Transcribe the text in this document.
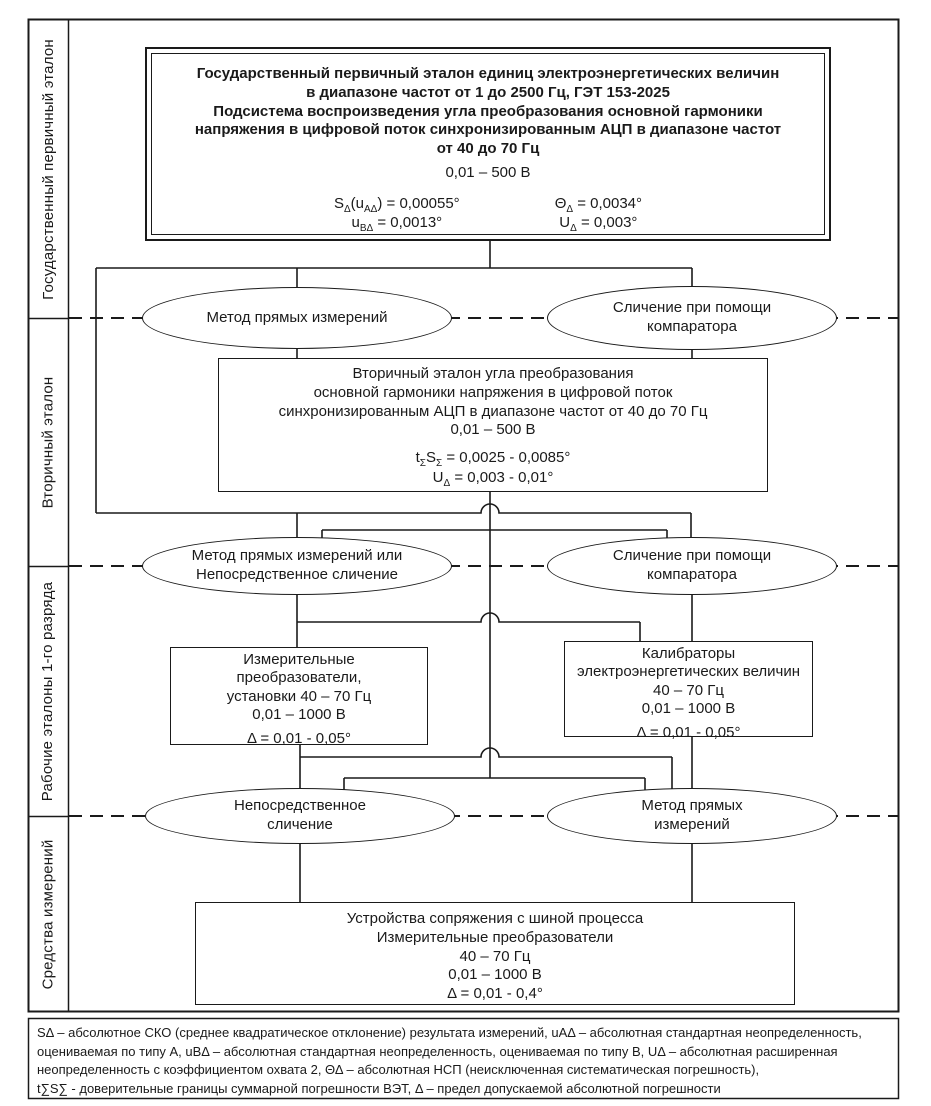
Государственный первичный эталон
Вторичный эталон
Рабочие эталоны 1-го разряда
Средства измерений
Государственный первичный эталон единиц электроэнергетических величин
в диапазоне частот от 1 до 2500 Гц, ГЭТ 153-2025
Подсистема воспроизведения угла преобразования основной гармоники
напряжения в цифровой поток синхронизированным АЦП в диапазоне частот
от 40 до 70 Гц
0,01 – 500 В
$S_\Delta(u_{А\Delta}) = 0,00055^\circ$
$u_{В\Delta} = 0,0013^\circ$
$\Theta_\Delta = 0,0034^\circ$
$U_\Delta = 0,003^\circ$
Метод прямых измерений
Сличение при помощи
компаратора
Вторичный эталон угла преобразования
основной гармоники напряжения в цифровой поток
синхронизированным АЦП в диапазоне частот от 40 до 70 Гц
0,01 – 500 В
$t_\Sigma S_\Sigma = 0,0025 - 0,0085^\circ$
$U_\Delta = 0,003 - 0,01^\circ$
Метод прямых измерений или
Непосредственное сличение
Сличение при помощи
компаратора
Измерительные
преобразователи,
установки 40 – 70 Гц
0,01 – 1000 В
Δ = 0,01 - 0,05°
Калибраторы
электроэнергетических величин
40 – 70 Гц
0,01 – 1000 В
Δ = 0,01 - 0,05°
Непосредственное
сличение
Метод прямых
измерений
Устройства сопряжения с шиной процесса
Измерительные преобразователи
40 – 70 Гц
0,01 – 1000 В
Δ = 0,01 - 0,4°
SΔ – абсолютное СКО (среднее квадратическое отклонение) результата измерений, uАΔ – абсолютная стандартная неопределенность,
оцениваемая по типу А, uВΔ – абсолютная стандартная неопределенность, оцениваемая по типу В, UΔ – абсолютная расширенная
неопределенность с коэффициентом охвата 2, ΘΔ – абсолютная НСП (неисключенная систематическая погрешность),
t∑S∑ - доверительные границы суммарной погрешности ВЭТ, Δ – предел допускаемой абсолютной погрешности
